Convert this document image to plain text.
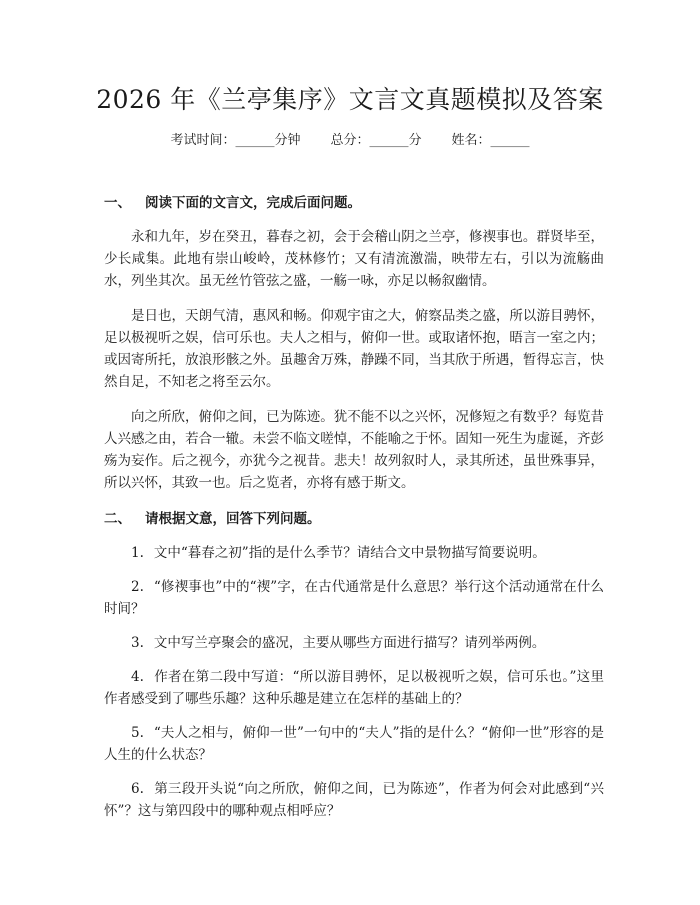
2026 年《兰亭集序》文言文真题模拟及答案
考试时间：______分钟 总分：______分 姓名：______
一、 阅读下面的文言文，完成后面问题。

永和九年，岁在癸丑，暮春之初，会于会稽山阴之兰亭，修禊事也。群贤毕至，少长咸集。此地有崇山峻岭，茂林修竹；又有清流激湍，映带左右，引以为流觞曲水，列坐其次。虽无丝竹管弦之盛，一觞一咏，亦足以畅叙幽情。

是日也，天朗气清，惠风和畅。仰观宇宙之大，俯察品类之盛，所以游目骋怀，足以极视听之娱，信可乐也。夫人之相与，俯仰一世。或取诸怀抱，晤言一室之内；或因寄所托，放浪形骸之外。虽趣舍万殊，静躁不同，当其欣于所遇，暂得忘言，快然自足，不知老之将至云尔。

向之所欣，俯仰之间，已为陈迹。犹不能不以之兴怀，况修短之有数乎？每览昔人兴感之由，若合一辙。未尝不临文嗟悼，不能喻之于怀。固知一死生为虚诞，齐彭殇为妄作。后之视今，亦犹今之视昔。悲夫！故列叙时人，录其所述，虽世殊事异，所以兴怀，其致一也。后之览者，亦将有感于斯文。

二、 请根据文意，回答下列问题。
1. 文中“暮春之初”指的是什么季节？请结合文中景物描写简要说明。
2. “修禊事也”中的“禊”字，在古代通常是什么意思？举行这个活动通常在什么时间？
3. 文中写兰亭聚会的盛况，主要从哪些方面进行描写？请列举两例。
4. 作者在第二段中写道：“所以游目骋怀，足以极视听之娱，信可乐也。”这里作者感受到了哪些乐趣？这种乐趣是建立在怎样的基础上的？
5. “夫人之相与，俯仰一世”一句中的“夫人”指的是什么？“俯仰一世”形容的是人生的什么状态？
6. 第三段开头说“向之所欣，俯仰之间，已为陈迹”，作者为何会对此感到“兴怀”？这与第四段中的哪种观点相呼应？
